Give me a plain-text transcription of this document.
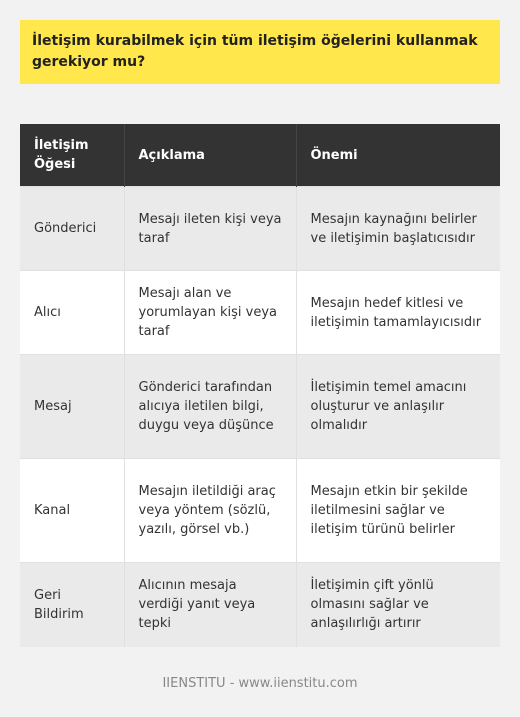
İletişim kurabilmek için tüm iletişim öğelerini kullanmak gerekiyor mu?
İletişim Öğesi	Açıklama	Önemi
Gönderici	Mesajı ileten kişi veya taraf	Mesajın kaynağını belirler ve iletişimin başlatıcısıdır
Alıcı	Mesajı alan ve yorumlayan kişi veya taraf	Mesajın hedef kitlesi ve iletişimin tamamlayıcısıdır
Mesaj	Gönderici tarafından alıcıya iletilen bilgi, duygu veya düşünce	İletişimin temel amacını oluşturur ve anlaşılır olmalıdır
Kanal	Mesajın iletildiği araç veya yöntem (sözlü, yazılı, görsel vb.)	Mesajın etkin bir şekilde iletilmesini sağlar ve iletişim türünü belirler
Geri Bildirim	Alıcının mesaja verdiği yanıt veya tepki	İletişimin çift yönlü olmasını sağlar ve anlaşılırlığı artırır
IIENSTITU - www.iienstitu.com
